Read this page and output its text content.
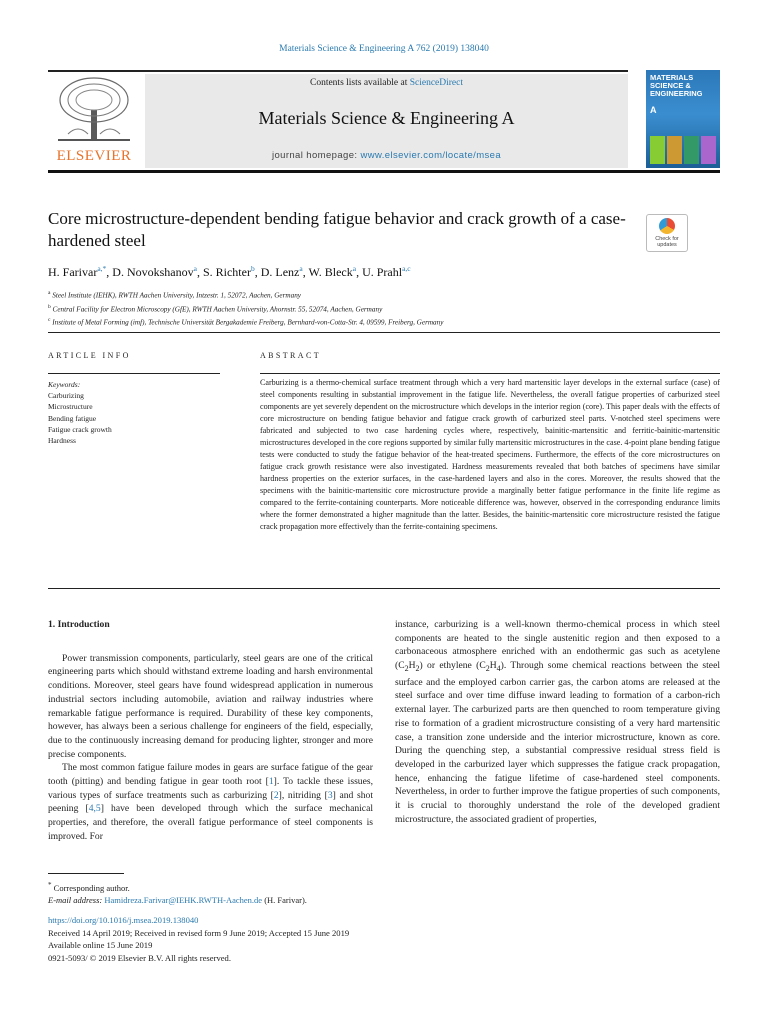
Materials Science & Engineering A 762 (2019) 138040
ELSEVIER
Contents lists available at ScienceDirect
Materials Science & Engineering A
journal homepage: www.elsevier.com/locate/msea
MATERIALS SCIENCE & ENGINEERING
A
Core microstructure-dependent bending fatigue behavior and crack growth of a case-hardened steel	Check for updates
H. Farivar$^{a,*}$, D. Novokshanov$^a$, S. Richter$^b$, D. Lenz$^a$, W. Bleck$^a$, U. Prahl$^{a,c}$
$^a$ Steel Institute (IEHK), RWTH Aachen University, Intzestr. 1, 52072, Aachen, Germany
$^b$ Central Facility for Electron Microscopy (GfE), RWTH Aachen University, Ahornstr. 55, 52074, Aachen, Germany
$^c$ Institute of Metal Forming (imf), Technische Universität Bergakademie Freiberg, Bernhard-von-Cotta-Str. 4, 09599, Freiberg, Germany
ARTICLE INFO
Keywords:
Carburizing
Microstructure
Bending fatigue
Fatigue crack growth
Hardness
ABSTRACT
Carburizing is a thermo-chemical surface treatment through which a very hard martensitic layer develops in the external surface (case) of steel components resulting in substantial improvement in the fatigue life. Nevertheless, the overall fatigue properties of carburized steel components are yet severely dependent on the microstructure which develops in the interior region (core). This paper deals with the effects of core microstructure on bending fatigue behavior and fatigue crack growth of carburized steel parts. V-notched steel specimens were fabricated and subjected to two case hardening cycles where, respectively, bainitic-martensitic and ferritic-bainitic-martensitic microstructures developed in the core regions supported by similar fully martensitic microstructures in the case. 4-point plane bending fatigue tests were conducted to study the fatigue behavior of the heat-treated specimens. Furthermore, the effects of the core microstructures on fatigue crack growth resistance were also investigated. Hardness measurements revealed that both batches of specimens have similar hardness properties on the exterior surfaces, in the case-hardened layers and also in the cores. Moreover, the results showed that the specimens with the bainitic-martensitic core microstructure provide a marginally better fatigue performance in the finite life regime as compared to the ferrite-containing counterparts. More noticeable difference was, however, observed in the corresponding endurance limits where the former demonstrated a higher magnitude than the latter. Besides, the bainitic-martensitic core microstructure resisted the fatigue crack propagation more effectively than the ferrite-containing specimens.

1. Introduction

Power transmission components, particularly, steel gears are one of the critical engineering parts which should withstand extreme loading and harsh environmental conditions. Moreover, steel gears have found widespread application in numerous industrial sectors including automobile, aviation and railway industries where remarkable fatigue performance is required. Durability of these key components, however, has always been a serious challenge for engineers of the field, especially, due to the continuously increasing demand for producing lighter, stronger and more precise components.

The most common fatigue failure modes in gears are surface fatigue of the gear tooth (pitting) and bending fatigue in gear tooth root [1]. To tackle these issues, various types of surface treatments such as carburizing [2], nitriding [3] and shot peening [4,5] have been developed through which the surface mechanical properties, and therefore, the overall fatigue performance of steel components is improved. For

instance, carburizing is a well-known thermo-chemical process in which steel components are heated to the single austenitic region and then exposed to a carbonaceous atmosphere enriched with an endothermic gas such as acetylene $(C_2H_2)$ or ethylene $(C_2H_4)$. Through some chemical reactions between the steel surface and the employed carbon carrier gas, the carbon atoms are released at the steel surface and over time diffuse inward leading to formation of a carbon-rich external layer. The carburized parts are then quenched to room temperature giving rise to formation of a gradient microstructure consisting of a very hard martensitic case, a transition zone underside and the interior microstructure, known as core. During the quenching step, a substantial compressive residual stress field is developed in the carburized layer which suppresses the fatigue crack propagation, hence, enhancing the fatigue lifetime of case-hardened steel components. Nevertheless, in order to further improve the fatigue properties of such components, it is crucial to thoroughly understand the role of the developed gradient microstructure, the associated gradient of properties,

* Corresponding author.
E-mail address: Hamidreza.Farivar@IEHK.RWTH-Aachen.de (H. Farivar).
https://doi.org/10.1016/j.msea.2019.138040
Received 14 April 2019; Received in revised form 9 June 2019; Accepted 15 June 2019
Available online 15 June 2019
0921-5093/ © 2019 Elsevier B.V. All rights reserved.
